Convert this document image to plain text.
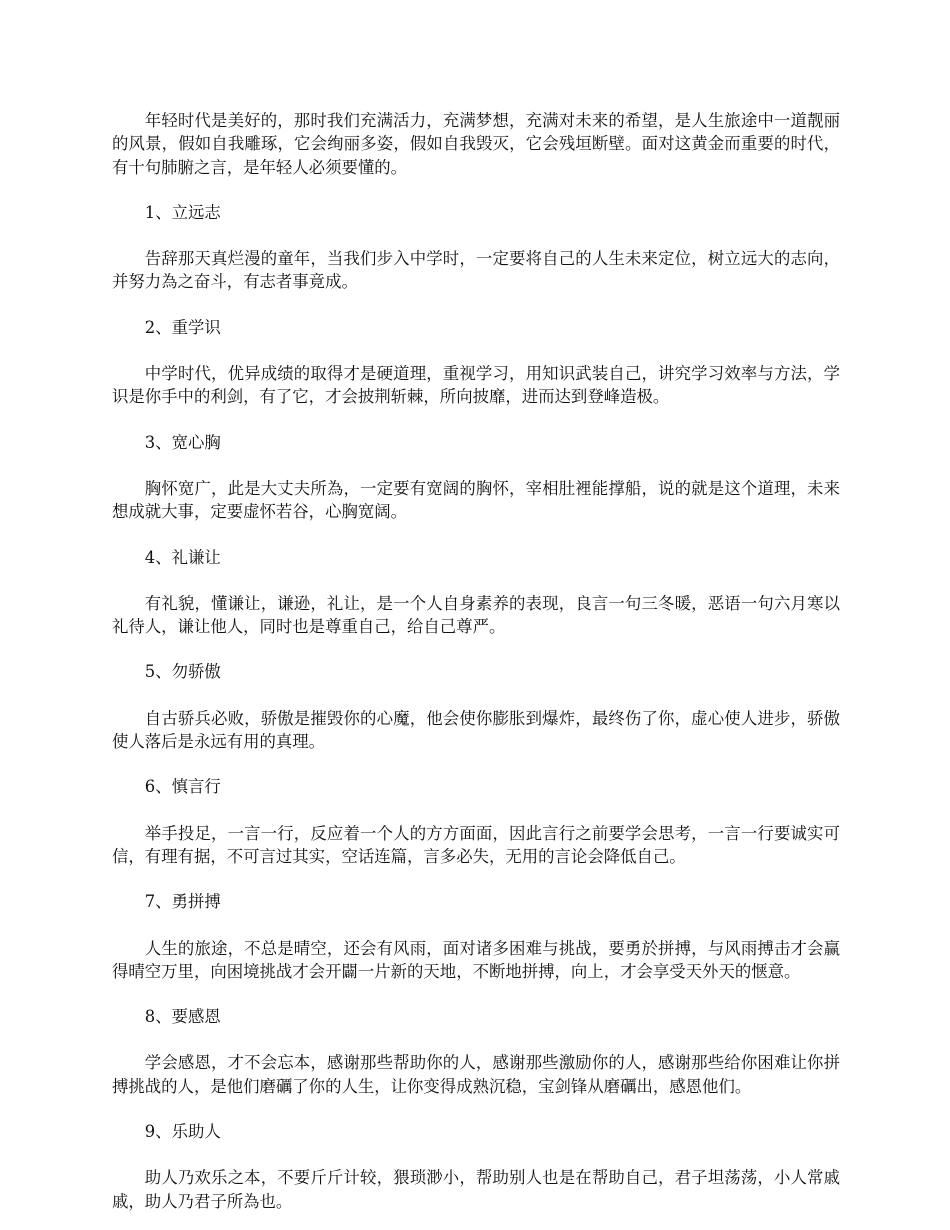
年轻时代是美好的，那时我们充满活力，充满梦想，充满对未来的希望，是人生旅途中一道靓丽的风景，假如自我雕琢，它会绚丽多姿，假如自我毁灭，它会残垣断壁。面对这黄金而重要的时代，有十句肺腑之言，是年轻人必须要懂的。

1、立远志

告辞那天真烂漫的童年，当我们步入中学时，一定要将自己的人生未来定位，树立远大的志向，并努力為之奋斗，有志者事竟成。

2、重学识

中学时代，优异成绩的取得才是硬道理，重视学习，用知识武装自己，讲究学习效率与方法，学识是你手中的利剑，有了它，才会披荆斩棘，所向披靡，进而达到登峰造极。

3、宽心胸

胸怀宽广，此是大丈夫所為，一定要有宽阔的胸怀，宰相肚裡能撑船，说的就是这个道理，未来想成就大事，定要虚怀若谷，心胸宽阔。

4、礼谦让

有礼貌，懂谦让，谦逊，礼让，是一个人自身素养的表现，良言一句三冬暖，恶语一句六月寒以礼待人，谦让他人，同时也是尊重自己，给自己尊严。

5、勿骄傲

自古骄兵必败，骄傲是摧毁你的心魔，他会使你膨胀到爆炸，最终伤了你，虚心使人进步，骄傲使人落后是永远有用的真理。

6、慎言行

举手投足，一言一行，反应着一个人的方方面面，因此言行之前要学会思考，一言一行要诚实可信，有理有据，不可言过其实，空话连篇，言多必失，无用的言论会降低自己。

7、勇拼搏

人生的旅途，不总是晴空，还会有风雨，面对诸多困难与挑战，要勇於拼搏，与风雨搏击才会赢得晴空万里，向困境挑战才会开闢一片新的天地，不断地拼搏，向上，才会享受天外天的惬意。

8、要感恩

学会感恩，才不会忘本，感谢那些帮助你的人，感谢那些激励你的人，感谢那些给你困难让你拼搏挑战的人，是他们磨礪了你的人生，让你变得成熟沉稳，宝剑锋从磨礪出，感恩他们。

9、乐助人

助人乃欢乐之本，不要斤斤计较，猥琐渺小，帮助别人也是在帮助自己，君子坦荡荡，小人常戚戚，助人乃君子所為也。
